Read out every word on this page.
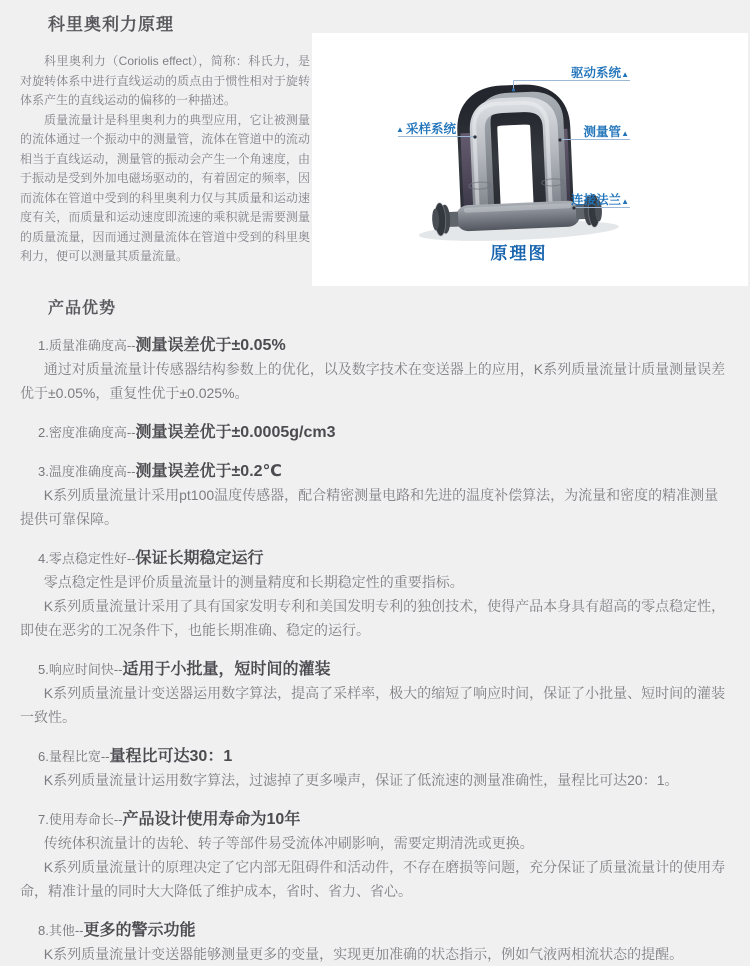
科里奥利力原理

科里奥利力（Coriolis effect），简称：科氏力，是对旋转体系中进行直线运动的质点由于惯性相对于旋转体系产生的直线运动的偏移的一种描述。

质量流量计是科里奥利力的典型应用，它让被测量的流体通过一个振动中的测量管，流体在管道中的流动相当于直线运动，测量管的振动会产生一个角速度，由于振动是受到外加电磁场驱动的，有着固定的频率，因而流体在管道中受到的科里奥利力仅与其质量和运动速度有关，而质量和运动速度即流速的乘积就是需要测量的质量流量，因而通过测量流体在管道中受到的科里奥利力，便可以测量其质量流量。

驱动系统 ▲
▲ 采样系统	测量管 ▲
连接法兰 ▲
原理图
产品优势
1.质量准确度高--测量误差优于±0.05%

通过对质量流量计传感器结构参数上的优化，以及数字技术在变送器上的应用，K系列质量流量计质量测量误差优于±0.05%，重复性优于±0.025%。

2.密度准确度高--测量误差优于±0.0005g/cm3
3.温度准确度高--测量误差优于±0.2℃

K系列质量流量计采用pt100温度传感器，配合精密测量电路和先进的温度补偿算法，为流量和密度的精准测量提供可靠保障。

4.零点稳定性好--保证长期稳定运行

零点稳定性是评价质量流量计的测量精度和长期稳定性的重要指标。

K系列质量流量计采用了具有国家发明专利和美国发明专利的独创技术，使得产品本身具有超高的零点稳定性，即使在恶劣的工况条件下，也能长期准确、稳定的运行。

5.响应时间快--适用于小批量，短时间的灌装

K系列质量流量计变送器运用数字算法，提高了采样率，极大的缩短了响应时间，保证了小批量、短时间的灌装一致性。

6.量程比宽--量程比可达30：1

K系列质量流量计运用数字算法，过滤掉了更多噪声，保证了低流速的测量准确性，量程比可达20：1。

7.使用寿命长--产品设计使用寿命为10年

传统体积流量计的齿轮、转子等部件易受流体冲刷影响，需要定期清洗或更换。

K系列质量流量计的原理决定了它内部无阻碍件和活动件，不存在磨损等问题，充分保证了质量流量计的使用寿命，精准计量的同时大大降低了维护成本，省时、省力、省心。

8.其他--更多的警示功能

K系列质量流量计变送器能够测量更多的变量，实现更加准确的状态指示，例如气液两相流状态的提醒。
